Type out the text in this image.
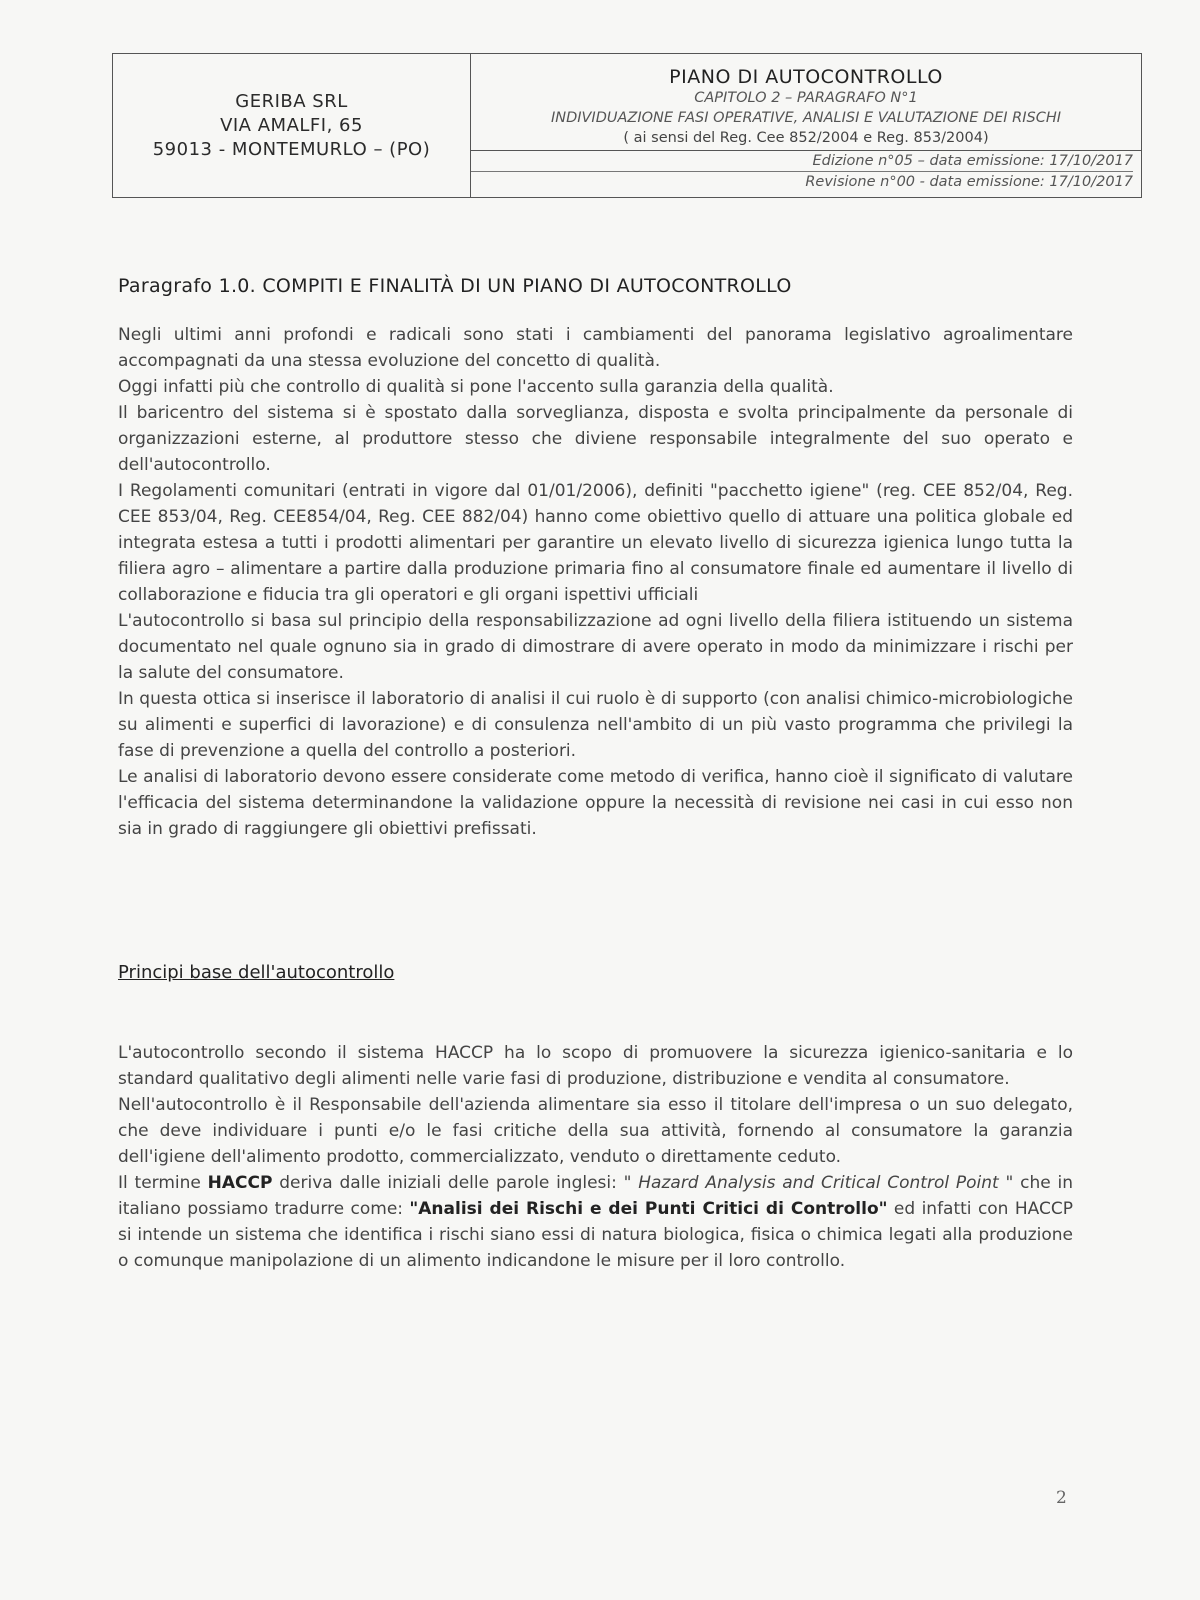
GERIBA SRL
VIA AMALFI, 65
59013 - MONTEMURLO – (PO)
PIANO DI AUTOCONTROLLO
CAPITOLO 2 – PARAGRAFO N°1
INDIVIDUAZIONE FASI OPERATIVE, ANALISI E VALUTAZIONE DEI RISCHI
( ai sensi del Reg. Cee 852/2004 e Reg. 853/2004)
Edizione n°05 – data emissione: 17/10/2017
Revisione n°00 - data emissione: 17/10/2017
Paragrafo 1.0. COMPITI E FINALITÀ DI UN PIANO DI AUTOCONTROLLO

Negli ultimi anni profondi e radicali sono stati i cambiamenti del panorama legislativo agroalimentare accompagnati da una stessa evoluzione del concetto di qualità.

Oggi infatti più che controllo di qualità si pone l'accento sulla garanzia della qualità.

Il baricentro del sistema si è spostato dalla sorveglianza, disposta e svolta principalmente da personale di organizzazioni esterne, al produttore stesso che diviene responsabile integralmente del suo operato e dell'autocontrollo.

I Regolamenti comunitari (entrati in vigore dal 01/01/2006), definiti "pacchetto igiene" (reg. CEE 852/04, Reg. CEE 853/04, Reg. CEE854/04, Reg. CEE 882/04) hanno come obiettivo quello di attuare una politica globale ed integrata estesa a tutti i prodotti alimentari per garantire un elevato livello di sicurezza igienica lungo tutta la filiera agro – alimentare a partire dalla produzione primaria fino al consumatore finale ed aumentare il livello di collaborazione e fiducia tra gli operatori e gli organi ispettivi ufficiali

L'autocontrollo si basa sul principio della responsabilizzazione ad ogni livello della filiera istituendo un sistema documentato nel quale ognuno sia in grado di dimostrare di avere operato in modo da minimizzare i rischi per la salute del consumatore.

In questa ottica si inserisce il laboratorio di analisi il cui ruolo è di supporto (con analisi chimico-microbiologiche su alimenti e superfici di lavorazione) e di consulenza nell'ambito di un più vasto programma che privilegi la fase di prevenzione a quella del controllo a posteriori.

Le analisi di laboratorio devono essere considerate come metodo di verifica, hanno cioè il significato di valutare l'efficacia del sistema determinandone la validazione oppure la necessità di revisione nei casi in cui esso non sia in grado di raggiungere gli obiettivi prefissati.

Principi base dell'autocontrollo

L'autocontrollo secondo il sistema HACCP ha lo scopo di promuovere la sicurezza igienico-sanitaria e lo standard qualitativo degli alimenti nelle varie fasi di produzione, distribuzione e vendita al consumatore.

Nell'autocontrollo è il Responsabile dell'azienda alimentare sia esso il titolare dell'impresa o un suo delegato, che deve individuare i punti e/o le fasi critiche della sua attività, fornendo al consumatore la garanzia dell'igiene dell'alimento prodotto, commercializzato, venduto o direttamente ceduto.

Il termine HACCP deriva dalle iniziali delle parole inglesi: " Hazard Analysis and Critical Control Point " che in italiano possiamo tradurre come: "Analisi dei Rischi e dei Punti Critici di Controllo" ed infatti con HACCP si intende un sistema che identifica i rischi siano essi di natura biologica, fisica o chimica legati alla produzione o comunque manipolazione di un alimento indicandone le misure per il loro controllo.

2
